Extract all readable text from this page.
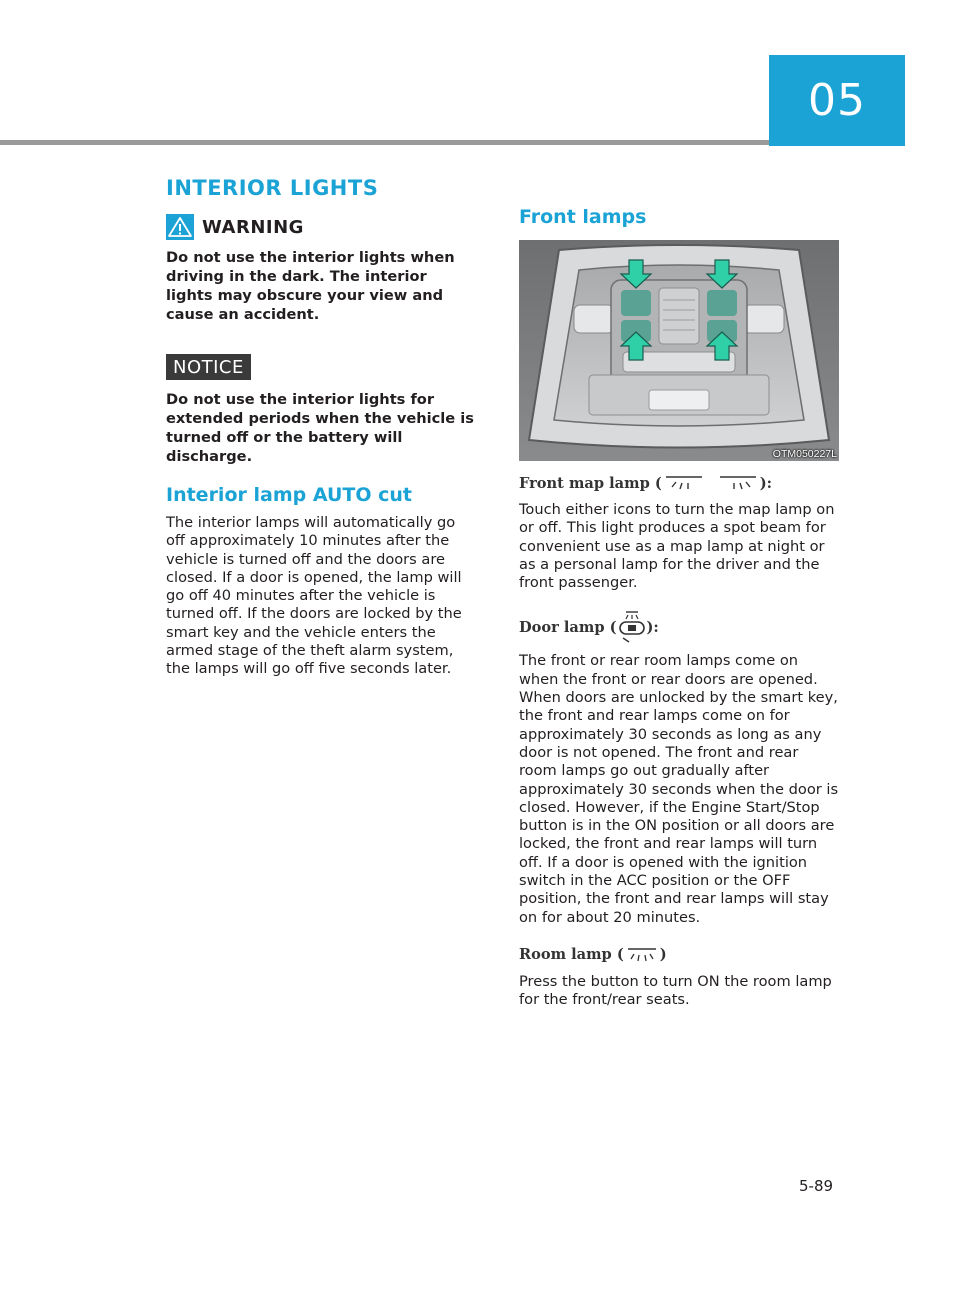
05
INTERIOR LIGHTS
WARNING

Do not use the interior lights when driving in the dark. The interior lights may obscure your view and cause an accident.

NOTICE

Do not use the interior lights for extended periods when the vehicle is turned off or the battery will discharge.

Interior lamp AUTO cut

The interior lamps will automatically go off approximately 10 minutes after the vehicle is turned off and the doors are closed. If a door is opened, the lamp will go off 40 minutes after the vehicle is turned off. If the doors are locked by the smart key and the vehicle enters the armed stage of the theft alarm system, the lamps will go off five seconds later.

Front lamps
OTM050227L
Front map lamp (	):

Touch either icons to turn the map lamp on or off. This light produces a spot beam for convenient use as a map lamp at night or as a personal lamp for the driver and the front passenger.

Door lamp ( ):

The front or rear room lamps come on when the front or rear doors are opened. When doors are unlocked by the smart key, the front and rear lamps come on for approximately 30 seconds as long as any door is not opened. The front and rear room lamps go out gradually after approximately 30 seconds when the door is closed. However, if the Engine Start/Stop button is in the ON position or all doors are locked, the front and rear lamps will turn off. If a door is opened with the ignition switch in the ACC position or the OFF position, the front and rear lamps will stay on for about 20 minutes.

Room lamp ( )

Press the button to turn ON the room lamp for the front/rear seats.

5-89
